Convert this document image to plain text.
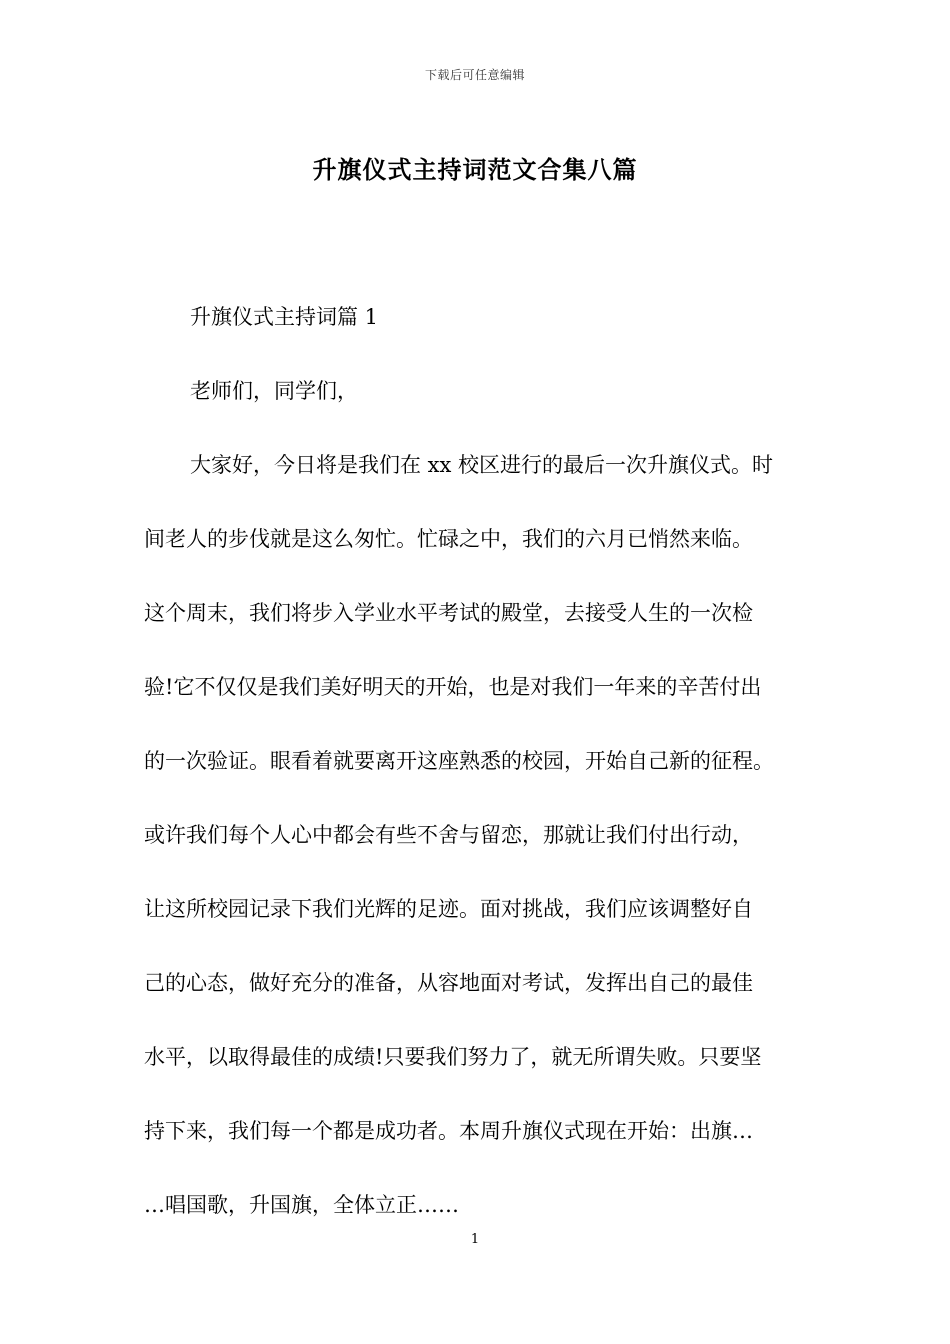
下载后可任意编辑
升旗仪式主持词范文合集八篇
升旗仪式主持词篇 1
老师们，同学们，
大家好，今日将是我们在 xx 校区进行的最后一次升旗仪式。时
间老人的步伐就是这么匆忙。忙碌之中，我们的六月已悄然来临。
这个周末，我们将步入学业水平考试的殿堂，去接受人生的一次检
验!它不仅仅是我们美好明天的开始，也是对我们一年来的辛苦付出
的一次验证。眼看着就要离开这座熟悉的校园，开始自己新的征程。
或许我们每个人心中都会有些不舍与留恋，那就让我们付出行动，
让这所校园记录下我们光辉的足迹。面对挑战，我们应该调整好自
己的心态，做好充分的准备，从容地面对考试，发挥出自己的最佳
水平，以取得最佳的成绩!只要我们努力了，就无所谓失败。只要坚
持下来，我们每一个都是成功者。本周升旗仪式现在开始：出旗…
…唱国歌，升国旗，全体立正……
1
